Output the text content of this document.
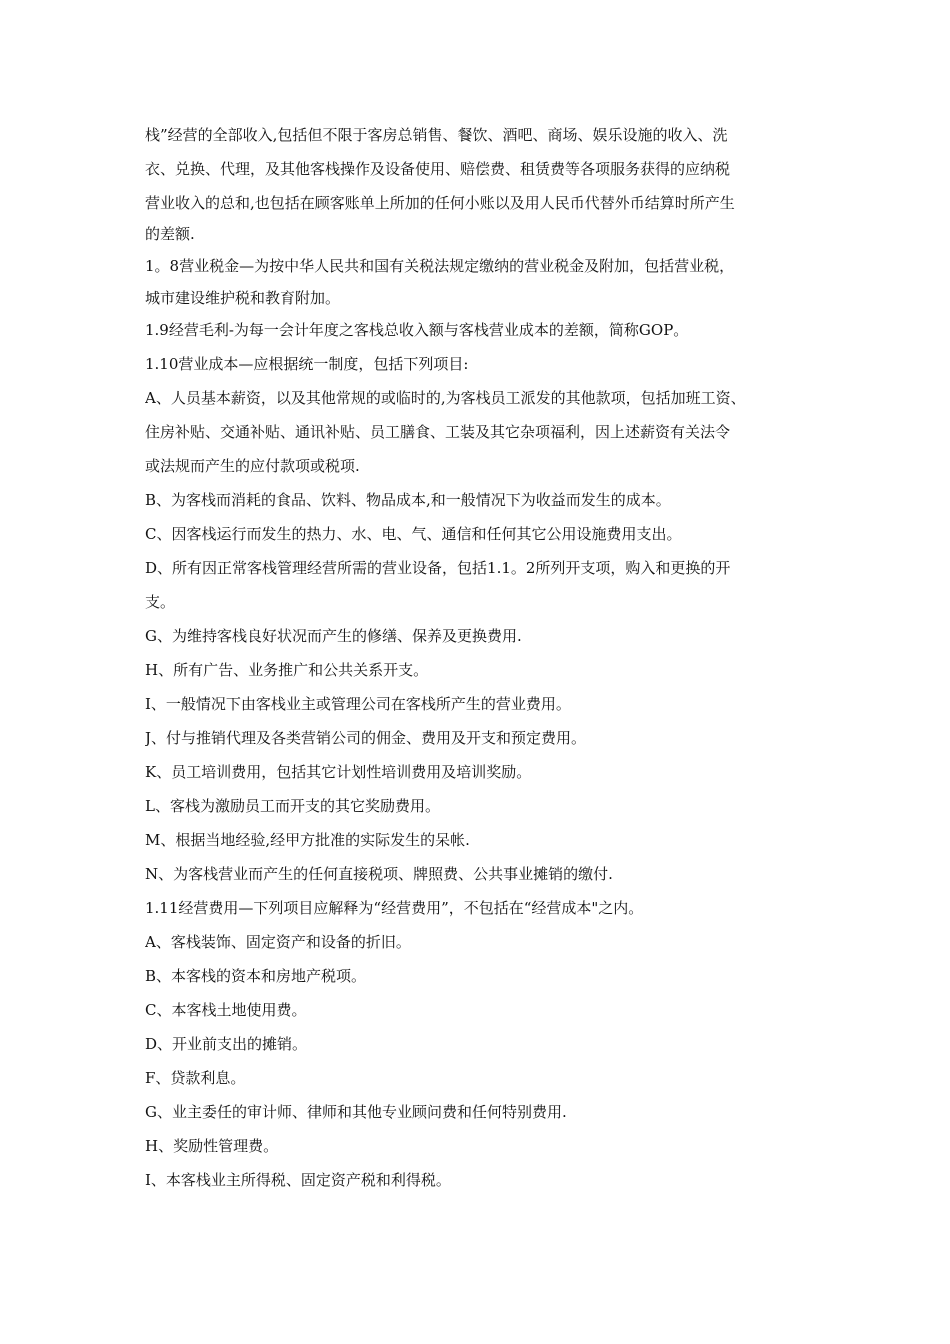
栈”经营的全部收入,包括但不限于客房总销售、餐饮、酒吧、商场、娱乐设施的收入、洗

衣、兑换、代理，及其他客栈操作及设备使用、赔偿费、租赁费等各项服务获得的应纳税

营业收入的总和,也包括在顾客账单上所加的任何小账以及用人民币代替外币结算时所产生

的差额.

1。8营业税金—为按中华人民共和国有关税法规定缴纳的营业税金及附加，包括营业税，

城市建设维护税和教育附加。

1.9经营毛利-为每一会计年度之客栈总收入额与客栈营业成本的差额，简称GOP。

1.10营业成本—应根据统一制度，包括下列项目:

A、人员基本薪资，以及其他常规的或临时的,为客栈员工派发的其他款项，包括加班工资、

住房补贴、交通补贴、通讯补贴、员工膳食、工装及其它杂项福利，因上述薪资有关法令

或法规而产生的应付款项或税项.

B、为客栈而消耗的食品、饮料、物品成本,和一般情况下为收益而发生的成本。

C、因客栈运行而发生的热力、水、电、气、通信和任何其它公用设施费用支出。

D、所有因正常客栈管理经营所需的营业设备，包括1.1。2所列开支项，购入和更换的开

支。

G、为维持客栈良好状况而产生的修缮、保养及更换费用.

H、所有广告、业务推广和公共关系开支。

I、一般情况下由客栈业主或管理公司在客栈所产生的营业费用。

J、付与推销代理及各类营销公司的佣金、费用及开支和预定费用。

K、员工培训费用，包括其它计划性培训费用及培训奖励。

L、客栈为激励员工而开支的其它奖励费用。

M、根据当地经验,经甲方批准的实际发生的呆帐.

N、为客栈营业而产生的任何直接税项、牌照费、公共事业摊销的缴付.

1.11经营费用—下列项目应解释为“经营费用”，不包括在“经营成本"之内。

A、客栈装饰、固定资产和设备的折旧。

B、本客栈的资本和房地产税项。

C、本客栈土地使用费。

D、开业前支出的摊销。

F、贷款利息。

G、业主委任的审计师、律师和其他专业顾问费和任何特别费用.

H、奖励性管理费。

I、本客栈业主所得税、固定资产税和利得税。
